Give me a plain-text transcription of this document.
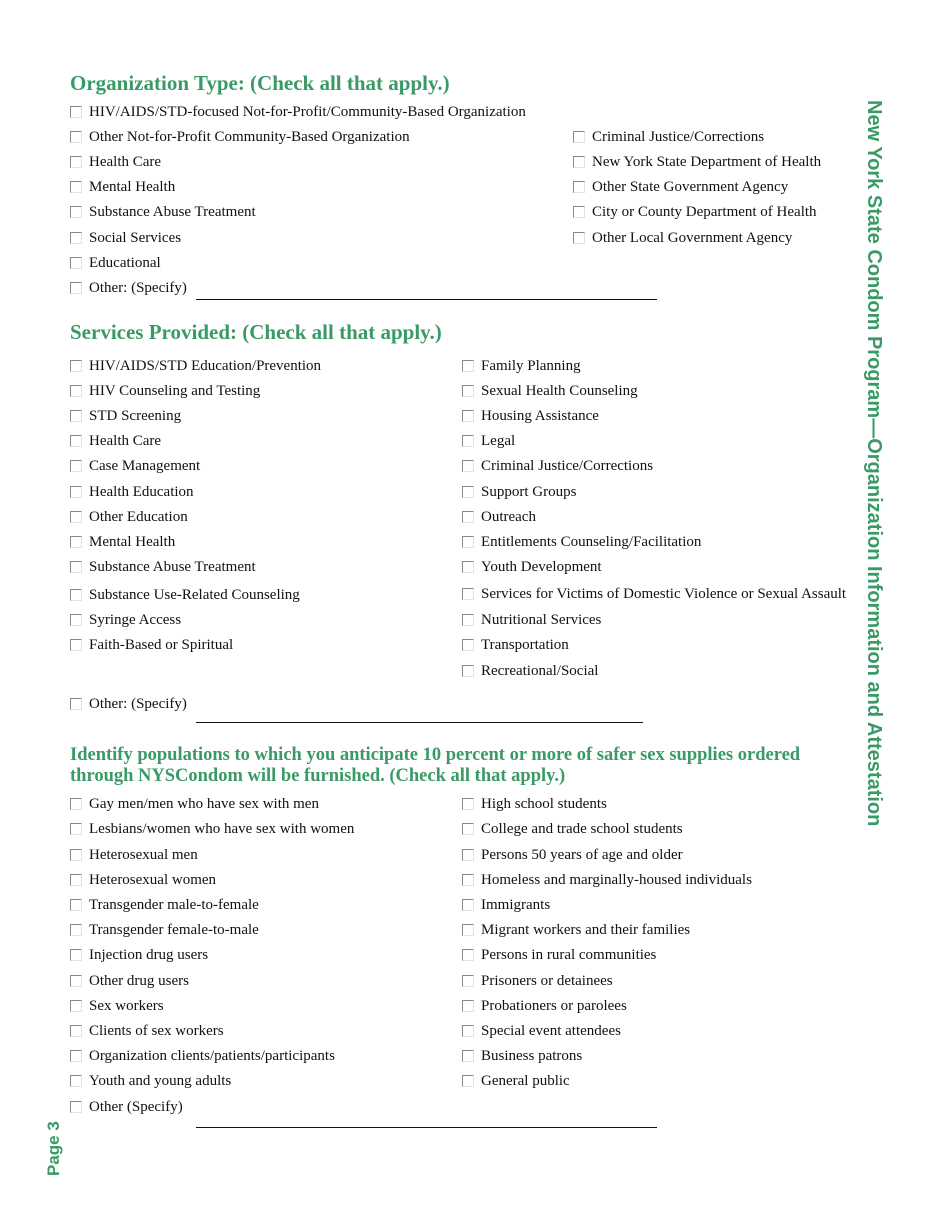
New York State Condom Program—Organization Information and Attestation
Page 3
Organization Type: (Check all that apply.)
HIV/AIDS/STD-focused Not-for-Profit/Community-Based Organization
Other Not-for-Profit Community-Based Organization
Health Care
Mental Health
Substance Abuse Treatment
Social Services
Educational
Criminal Justice/Corrections
New York State Department of Health
Other State Government Agency
City or County Department of Health
Other Local Government Agency
Other: (Specify)
Services Provided: (Check all that apply.)
HIV/AIDS/STD Education/Prevention
HIV Counseling and Testing
STD Screening
Health Care
Case Management
Health Education
Other Education
Mental Health
Substance Abuse Treatment
Substance Use-Related Counseling
Syringe Access
Faith-Based or Spiritual
Family Planning
Sexual Health Counseling
Housing Assistance
Legal
Criminal Justice/Corrections
Support Groups
Outreach
Entitlements Counseling/Facilitation
Youth Development
Services for Victims of Domestic Violence or Sexual Assault
Nutritional Services
Transportation
Recreational/Social
Other: (Specify)
Identify populations to which you anticipate 10 percent or more of safer sex supplies ordered
through NYSCondom will be furnished. (Check all that apply.)
Gay men/men who have sex with men
Lesbians/women who have sex with women
Heterosexual men
Heterosexual women
Transgender male-to-female
Transgender female-to-male
Injection drug users
Other drug users
Sex workers
Clients of sex workers
Organization clients/patients/participants
Youth and young adults
High school students
College and trade school students
Persons 50 years of age and older
Homeless and marginally-housed individuals
Immigrants
Migrant workers and their families
Persons in rural communities
Prisoners or detainees
Probationers or parolees
Special event attendees
Business patrons
General public
Other (Specify)
